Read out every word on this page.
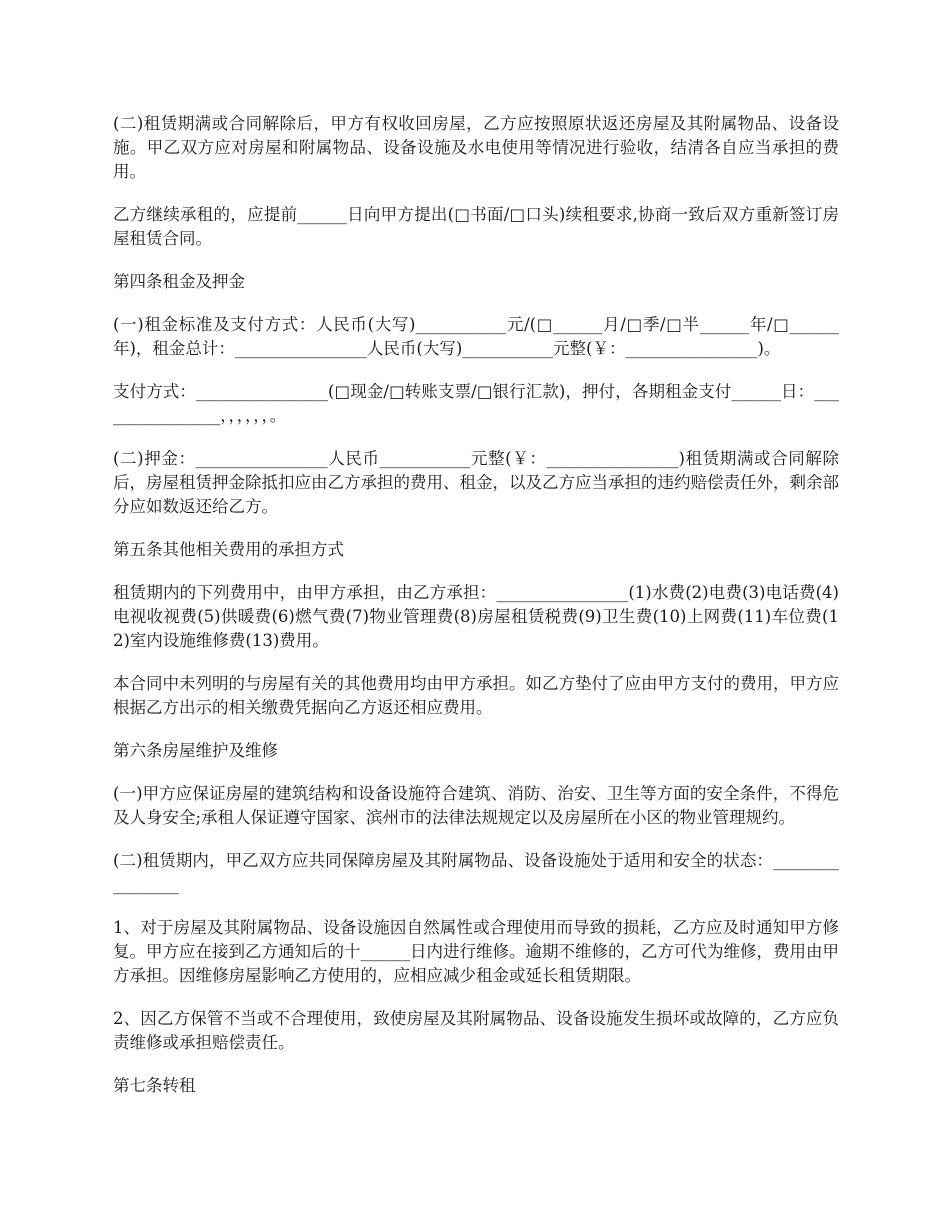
(二)租赁期满或合同解除后，甲方有权收回房屋，乙方应按照原状返还房屋及其附属物品、设备设施。甲乙双方应对房屋和附属物品、设备设施及水电使用等情况进行验收，结清各自应当承担的费用。

乙方继续承租的，应提前______日向甲方提出(□书面/□口头)续租要求,协商一致后双方重新签订房屋租赁合同。

第四条租金及押金

(一)租金标准及支付方式：人民币(大写)___________元/(□______月/□季/□半______年/□______年)，租金总计：________________人民币(大写)___________元整(￥：________________)。

支付方式：________________(□现金/□转账支票/□银行汇款)，押付，各期租金支付______日：________________，，，，，，。

(二)押金：________________人民币___________元整(￥：________________)租赁期满或合同解除后，房屋租赁押金除抵扣应由乙方承担的费用、租金，以及乙方应当承担的违约赔偿责任外，剩余部分应如数返还给乙方。

第五条其他相关费用的承担方式

租赁期内的下列费用中，由甲方承担，由乙方承担：________________(1)水费(2)电费(3)电话费(4)电视收视费(5)供暖费(6)燃气费(7)物业管理费(8)房屋租赁税费(9)卫生费(10)上网费(11)车位费(12)室内设施维修费(13)费用。

本合同中未列明的与房屋有关的其他费用均由甲方承担。如乙方垫付了应由甲方支付的费用，甲方应根据乙方出示的相关缴费凭据向乙方返还相应费用。

第六条房屋维护及维修

(一)甲方应保证房屋的建筑结构和设备设施符合建筑、消防、治安、卫生等方面的安全条件，不得危及人身安全;承租人保证遵守国家、滨州市的法律法规规定以及房屋所在小区的物业管理规约。

(二)租赁期内，甲乙双方应共同保障房屋及其附属物品、设备设施处于适用和安全的状态：________________

1、对于房屋及其附属物品、设备设施因自然属性或合理使用而导致的损耗，乙方应及时通知甲方修复。甲方应在接到乙方通知后的十______日内进行维修。逾期不维修的，乙方可代为维修，费用由甲方承担。因维修房屋影响乙方使用的，应相应减少租金或延长租赁期限。

2、因乙方保管不当或不合理使用，致使房屋及其附属物品、设备设施发生损坏或故障的，乙方应负责维修或承担赔偿责任。

第七条转租
